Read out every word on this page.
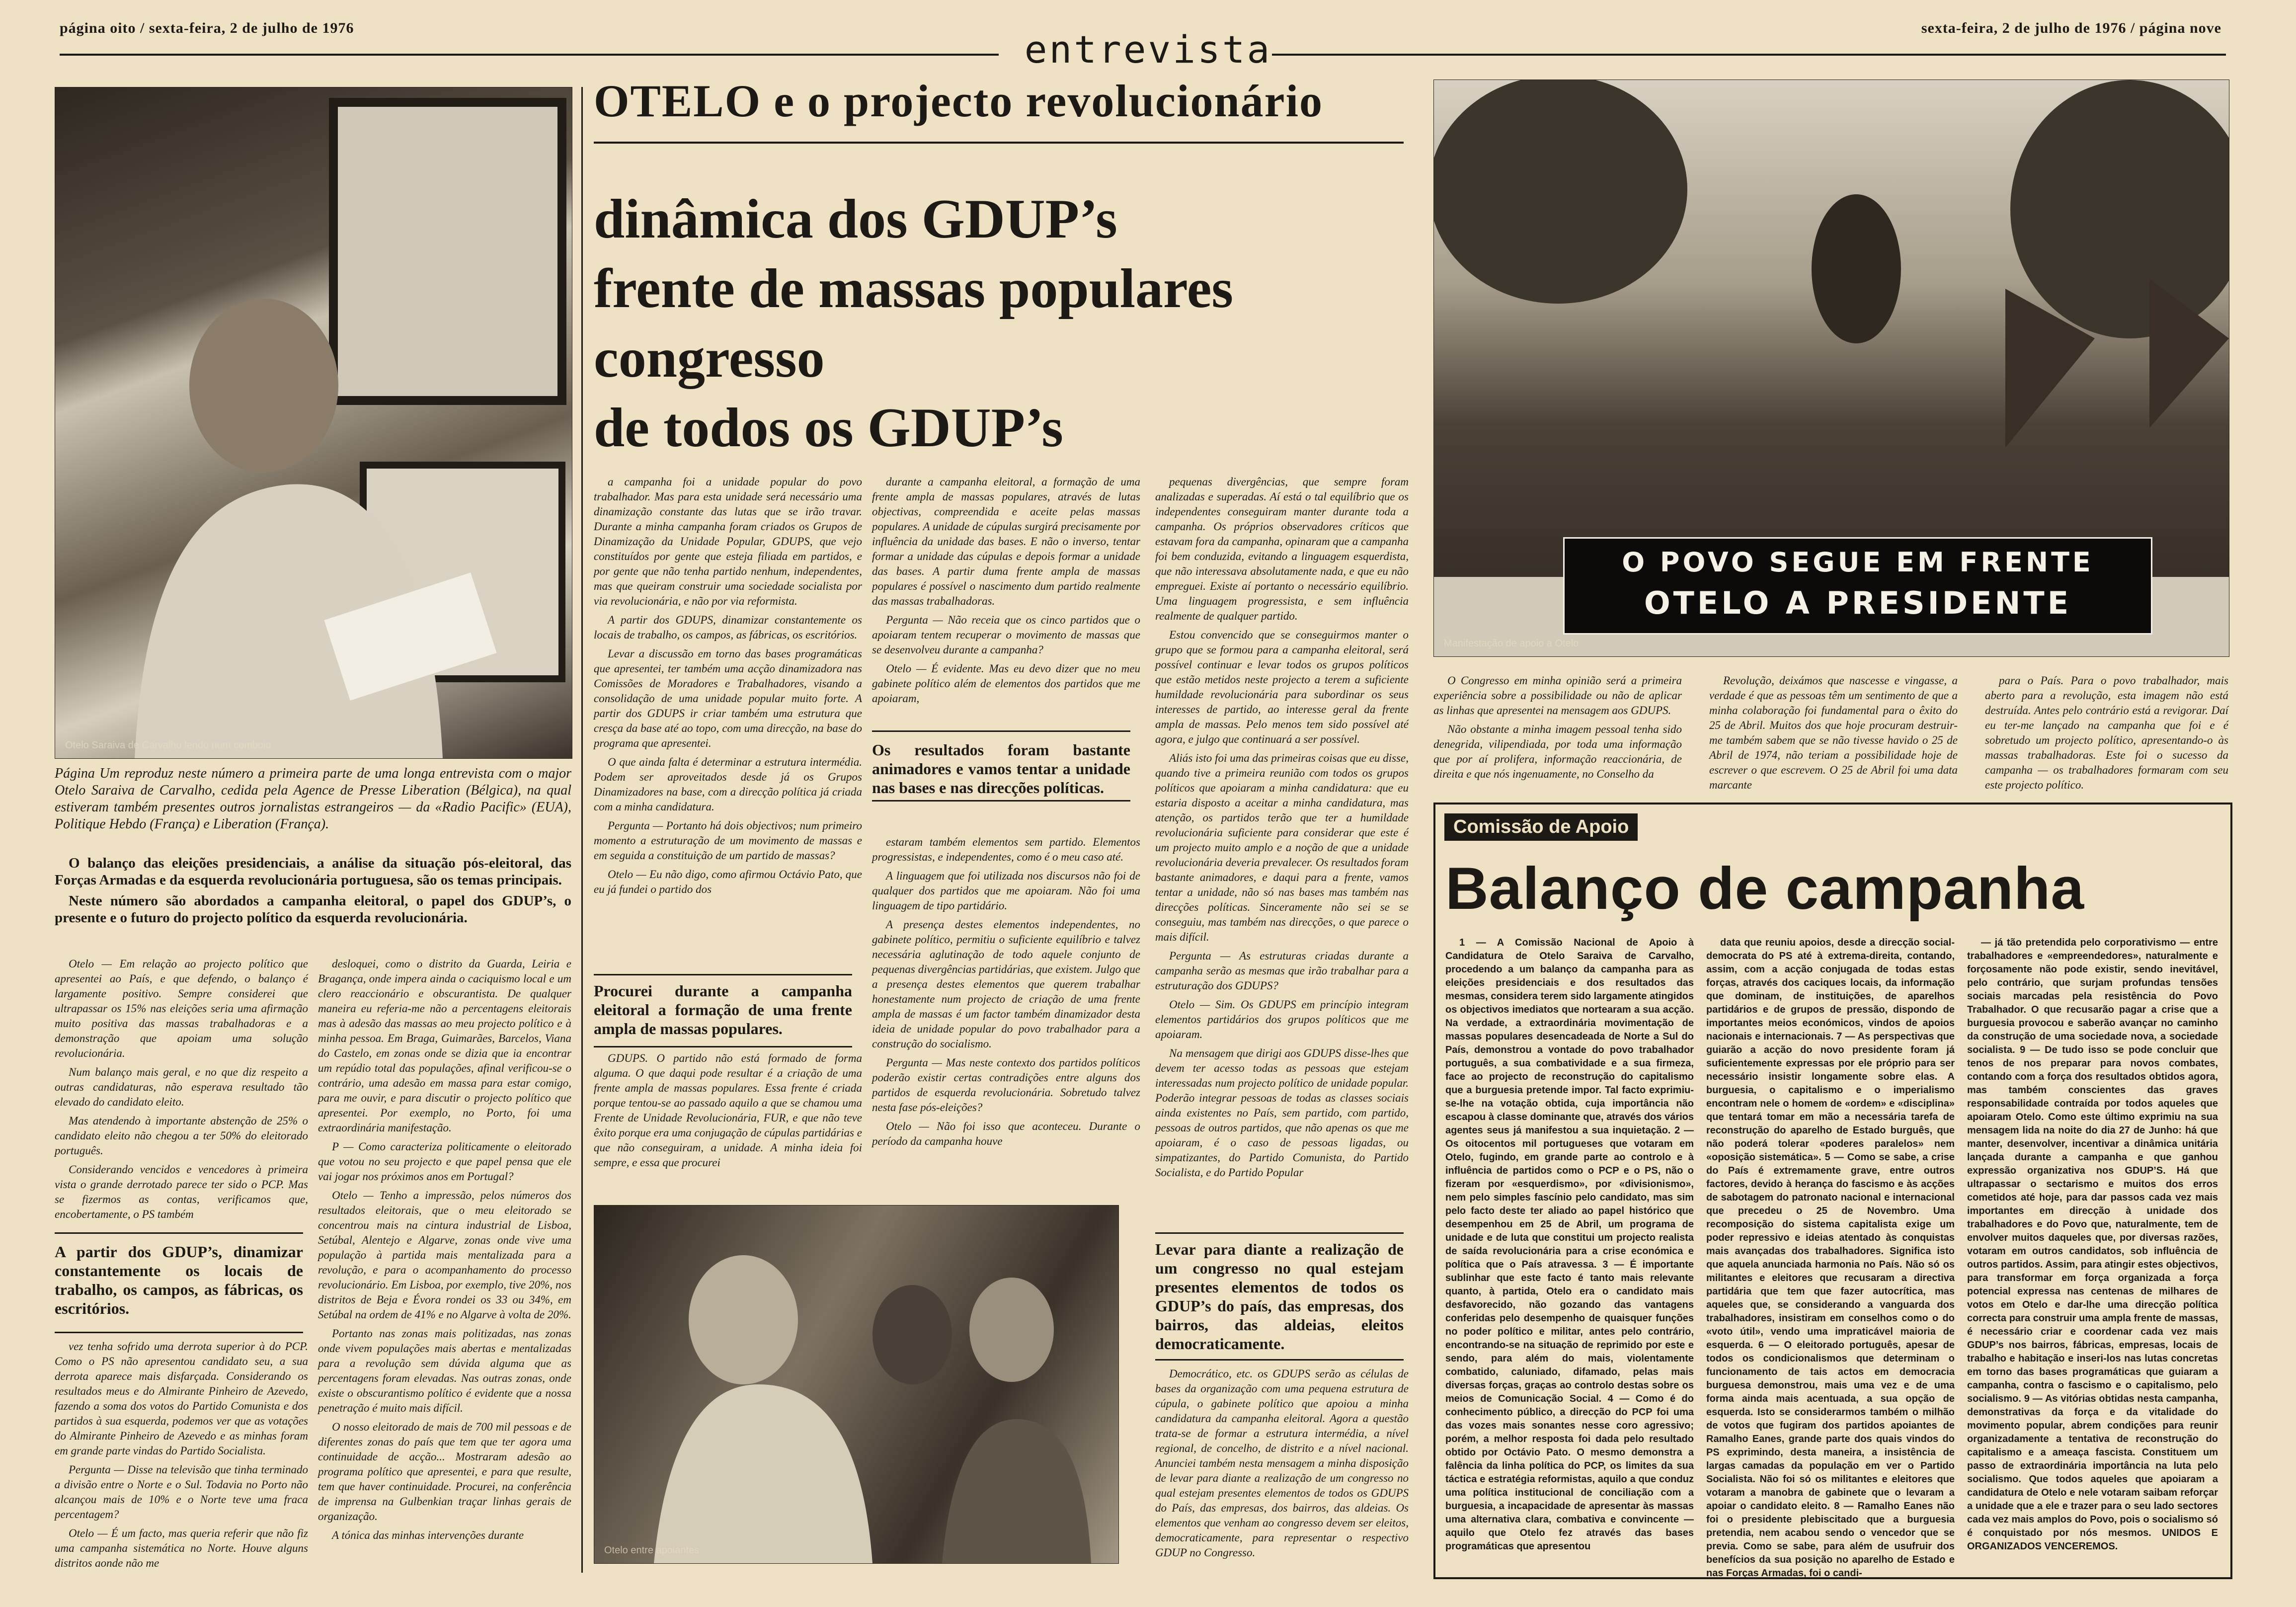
página oito / sexta-feira, 2 de julho de 1976	entrevista	sexta-feira, 2 de julho de 1976 / página nove
Otelo Saraiva de Carvalho lendo num comboio
OTELO e o projecto revolucionário
dinâmica dos GDUP’s
frente de massas populares
congresso
de todos os GDUP’s
Página Um reproduz neste número a primeira parte de uma longa entrevista com o major Otelo Saraiva de Carvalho, cedida pela Agence de Presse Liberation (Bélgica), na qual estiveram também presentes outros jornalistas estrangeiros — da «Radio Pacific» (EUA), Politique Hebdo (França) e Liberation (França).

O balanço das eleições presidenciais, a análise da situação pós-eleitoral, das Forças Armadas e da esquerda revolucionária portuguesa, são os temas principais.

Neste número são abordados a campanha eleitoral, o papel dos GDUP’s, o presente e o futuro do projecto político da esquerda revolucionária.

Otelo — Em relação ao projecto político que apresentei ao País, e que defendo, o balanço é largamente positivo. Sempre considerei que ultrapassar os 15% nas eleições seria uma afirmação muito positiva das massas trabalhadoras e a demonstração que apoiam uma solução revolucionária.

Num balanço mais geral, e no que diz respeito a outras candidaturas, não esperava resultado tão elevado do candidato eleito.

Mas atendendo à importante abstenção de 25% o candidato eleito não chegou a ter 50% do eleitorado português.

Considerando vencidos e vencedores à primeira vista o grande derrotado parece ter sido o PCP. Mas se fizermos as contas, verificamos que, encobertamente, o PS também

A partir dos GDUP’s, dinamizar constantemente os locais de trabalho, os campos, as fábricas, os escritórios.

vez tenha sofrido uma derrota superior à do PCP. Como o PS não apresentou candidato seu, a sua derrota aparece mais disfarçada. Considerando os resultados meus e do Almirante Pinheiro de Azevedo, fazendo a soma dos votos do Partido Comunista e dos partidos à sua esquerda, podemos ver que as votações do Almirante Pinheiro de Azevedo e as minhas foram em grande parte vindas do Partido Socialista.

Pergunta — Disse na televisão que tinha terminado a divisão entre o Norte e o Sul. Todavia no Porto não alcançou mais de 10% e o Norte teve uma fraca percentagem?

Otelo — É um facto, mas queria referir que não fiz uma campanha sistemática no Norte. Houve alguns distritos aonde não me

deslоquei, como o distrito da Guarda, Leiria e Bragança, onde impera ainda o caciquismo local e um clero reaccionário e obscurantista. De qualquer maneira eu referia-me não a percentagens eleitorais mas à adesão das massas ao meu projecto político e à minha pessoa. Em Braga, Guimarães, Barcelos, Viana do Castelo, em zonas onde se dizia que ia encontrar um repúdio total das populações, afinal verificou-se o contrário, uma adesão em massa para estar comigo, para me ouvir, e para discutir o projecto político que apresentei. Por exemplo, no Porto, foi uma extraordinária manifestação.

P — Como caracteriza politicamente o eleitorado que votou no seu projecto e que papel pensa que ele vai jogar nos próximos anos em Portugal?

Otelo — Tenho a impressão, pelos números dos resultados eleitorais, que o meu eleitorado se concentrou mais na cintura industrial de Lisboa, Setúbal, Alentejo e Algarve, zonas onde vive uma população à partida mais mentalizada para a revolução, e para o acompanhamento do processo revolucionário. Em Lisboa, por exemplo, tive 20%, nos distritos de Beja e Évora rondei os 33 ou 34%, em Setúbal na ordem de 41% e no Algarve à volta de 20%.

Portanto nas zonas mais politizadas, nas zonas onde vivem populações mais abertas e mentalizadas para a revolução sem dúvida alguma que as percentagens foram elevadas. Nas outras zonas, onde existe o obscurantismo político é evidente que a nossa penetração é muito mais difícil.

O nosso eleitorado de mais de 700 mil pessoas e de diferentes zonas do país que tem que ter agora uma continuidade de acção... Mostraram adesão ao programa político que apresentei, e para que resulte, tem que haver continuidade. Procurei, na conferência de imprensa na Gulbenkian traçar linhas gerais de organização.

A tónica das minhas intervenções durante

a campanha foi a unidade popular do povo trabalhador. Mas para esta unidade será necessário uma dinamização constante das lutas que se irão travar. Durante a minha campanha foram criados os Grupos de Dinamização da Unidade Popular, GDUPS, que vejo constituídos por gente que esteja filiada em partidos, e por gente que não tenha partido nenhum, independentes, mas que queiram construir uma sociedade socialista por via revolucionária, e não por via reformista.

A partir dos GDUPS, dinamizar constantemente os locais de trabalho, os campos, as fábricas, os escritórios.

Levar a discussão em torno das bases programáticas que apresentei, ter também uma acção dinamizadora nas Comissões de Moradores e Trabalhadores, visando a consolidação de uma unidade popular muito forte. A partir dos GDUPS ir criar também uma estrutura que cresça da base até ao topo, com uma direcção, na base do programa que apresentei.

O que ainda falta é determinar a estrutura intermédia. Podem ser aproveitados desde já os Grupos Dinamizadores na base, com a direcção política já criada com a minha candidatura.

Pergunta — Portanto há dois objectivos; num primeiro momento a estruturação de um movimento de massas e em seguida a constituição de um partido de massas?

Otelo — Eu não digo, como afirmou Octávio Pato, que eu já fundei o partido dos

Procurei durante a campanha eleitoral a formação de uma frente ampla de massas populares.

durante a campanha eleitoral, a formação de uma frente ampla de massas populares, através de lutas objectivas, compreendida e aceite pelas massas populares. A unidade de cúpulas surgirá precisamente por influência da unidade das bases. E não o inverso, tentar formar a unidade das cúpulas e depois formar a unidade das bases. A partir duma frente ampla de massas populares é possível o nascimento dum partido realmente das massas trabalhadoras.

Pergunta — Não receia que os cinco partidos que o apoiaram tentem recuperar o movimento de massas que se desenvolveu durante a campanha?

Otelo — É evidente. Mas eu devo dizer que no meu gabinete político além de elementos dos partidos que me apoiaram,

Os resultados foram bastante animadores e vamos tentar a unidade nas bases e nas direcções políticas.

GDUPS. O partido não está formado de forma alguma. O que daqui pode resultar é a criação de uma frente ampla de massas populares. Essa frente é criada porque tentou-se ao passado aquilo a que se chamou uma Frente de Unidade Revolucionária, FUR, e que não teve êxito porque era uma conjugação de cúpulas partidárias e que não conseguiram, a unidade. A minha ideia foi sempre, e essa que procurei

estaram também elementos sem partido. Elementos progressistas, e independentes, como é o meu caso até.

A linguagem que foi utilizada nos discursos não foi de qualquer dos partidos que me apoiaram. Não foi uma linguagem de tipo partidário.

A presença destes elementos independentes, no gabinete político, permitiu o suficiente equilíbrio e talvez necessária aglutinação de todo aquele conjunto de pequenas divergências partidárias, que existem. Julgo que a presença destes elementos que querem trabalhar honestamente num projecto de criação de uma frente ampla de massas é um factor também dinamizador desta ideia de unidade popular do povo trabalhador para a construção do socialismo.

Pergunta — Mas neste contexto dos partidos políticos poderão existir certas contradições entre alguns dos partidos de esquerda revolucionária. Sobretudo talvez nesta fase pós-eleições?

Otelo — Não foi isso que aconteceu. Durante o período da campanha houve

Otelo entre apoiantes

pequenas divergências, que sempre foram analizadas e superadas. Aí está o tal equilíbrio que os independentes conseguiram manter durante toda a campanha. Os próprios observadores críticos que estavam fora da campanha, opinaram que a campanha foi bem conduzida, evitando a linguagem esquerdista, que não interessava absolutamente nada, e que eu não empreguei. Existe aí portanto o necessário equilíbrio. Uma linguagem progressista, e sem influência realmente de qualquer partido.

Estou convencido que se conseguirmos manter o grupo que se formou para a campanha eleitoral, será possível continuar e levar todos os grupos políticos que estão metidos neste projecto a terem a suficiente humildade revolucionária para subordinar os seus interesses de partido, ao interesse geral da frente ampla de massas. Pelo menos tem sido possível até agora, e julgo que continuará a ser possível.

Aliás isto foi uma das primeiras coisas que eu disse, quando tive a primeira reunião com todos os grupos políticos que apoiaram a minha candidatura: que eu estaria disposto a aceitar a minha candidatura, mas atenção, os partidos terão que ter a humildade revolucionária suficiente para considerar que este é um projecto muito amplo e a noção de que a unidade revolucionária deveria prevalecer. Os resultados foram bastante animadores, e daqui para a frente, vamos tentar a unidade, não só nas bases mas também nas direcções políticas. Sinceramente não sei se se conseguiu, mas também nas direcções, o que parece o mais difícil.

Pergunta — As estruturas criadas durante a campanha serão as mesmas que irão trabalhar para a estruturação dos GDUPS?

Otelo — Sim. Os GDUPS em princípio integram elementos partidários dos grupos políticos que me apoiaram.

Na mensagem que dirigi aos GDUPS disse-lhes que devem ter acesso todas as pessoas que estejam interessadas num projecto político de unidade popular. Poderão integrar pessoas de todas as classes sociais ainda existentes no País, sem partido, com partido, pessoas de outros partidos, que não apenas os que me apoiaram, é o caso de pessoas ligadas, ou simpatizantes, do Partido Comunista, do Partido Socialista, e do Partido Popular

Levar para diante a realização de um congresso no qual estejam presentes elementos de todos os GDUP’s do país, das empresas, dos bairros, das aldeias, eleitos democraticamente.

Democrático, etc. os GDUPS serão as células de bases da organização com uma pequena estrutura de cúpula, o gabinete político que apoiou a minha candidatura da campanha eleitoral. Agora a questão trata-se de formar a estrutura intermédia, a nível regional, de concelho, de distrito e a nível nacional. Anunciei também nesta mensagem a minha disposição de levar para diante a realização de um congresso no qual estejam presentes elementos de todos os GDUPS do País, das empresas, dos bairros, das aldeias. Os elementos que venham ao congresso devem ser eleitos, democraticamente, para representar o respectivo GDUP no Congresso.

O POVO SEGUE EM FRENTE
OTELO A PRESIDENTE
Manifestação de apoio a Otelo

O Congresso em minha opinião será a primeira experiência sobre a possibilidade ou não de aplicar as linhas que apresentei na mensagem aos GDUPS.

Não obstante a minha imagem pessoal tenha sido denegrida, vilipendiada, por toda uma informação que por aí prolifera, informação reaccionária, de direita e que nós ingenuamente, no Conselho da

Revolução, deixámos que nascesse e vingasse, a verdade é que as pessoas têm um sentimento de que a minha colaboração foi fundamental para o êxito do 25 de Abril. Muitos dos que hoje procuram destruir-me também sabem que se não tivesse havido o 25 de Abril de 1974, não teriam a possibilidade hoje de escrever o que escrevem. O 25 de Abril foi uma data marcante

para o País. Para o povo trabalhador, mais aberto para a revolução, esta imagem não está destruída. Antes pelo contrário está a revigorar. Daí eu ter-me lançado na campanha que foi e é sobretudo um projecto político, apresentando-o às massas trabalhadoras. Este foi o sucesso da campanha — os trabalhadores formaram com seu este projecto político.

Comissão de Apoio
Balanço de campanha

1 — A Comissão Nacional de Apoio à Candidatura de Otelo Saraiva de Carvalho, procedendo a um balanço da campanha para as eleições presidenciais e dos resultados das mesmas, considera terem sido largamente atingidos os objectivos imediatos que nortearam a sua acção. Na verdade, a extraordinária movimentação de massas populares desencadeada de Norte a Sul do País, demonstrou a vontade do povo trabalhador português, a sua combatividade e a sua firmeza, face ao projecto de reconstrução do capitalismo que a burguesia pretende impor. Tal facto exprimiu-se-lhe na votação obtida, cuja importância não escapou à classe dominante que, através dos vários agentes seus já manifestou a sua inquietação. 2 — Os oitocentos mil portugueses que votaram em Otelo, fugindo, em grande parte ao controlo e à influência de partidos como o PCP e o PS, não o fizeram por «esquerdismo», por «divisionismo», nem pelo simples fascínio pelo candidato, mas sim pelo facto deste ter aliado ao papel histórico que desempenhou em 25 de Abril, um programa de unidade e de luta que constitui um projecto realista de saída revolucionária para a crise económica e política que o País atravessa. 3 — É importante sublinhar que este facto é tanto mais relevante quanto, à partida, Otelo era o candidato mais desfavorecido, não gozando das vantagens conferidas pelo desempenho de quaisquer funções no poder político e militar, antes pelo contrário, encontrando-se na situação de reprimido por este e sendo, para além do mais, violentamente combatido, caluniado, difamado, pelas mais diversas forças, graças ao controlo destas sobre os meios de Comunicação Social. 4 — Como é do conhecimento público, a direcção do PCP foi uma das vozes mais sonantes nesse coro agressivo; porém, a melhor resposta foi dada pelo resultado obtido por Octávio Pato. O mesmo demonstra a falência da linha política do PCP, os limites da sua táctica e estratégia reformistas, aquilo a que conduz uma política institucional de conciliação com a burguesia, a incapacidade de apresentar às massas uma alternativa clara, combativa e convincente — aquilo que Otelo fez através das bases programáticas que apresentou

data que reuniu apoios, desde a direcção social-democrata do PS até à extrema-direita, contando, assim, com a acção conjugada de todas estas forças, através dos caciques locais, da informação que dominam, de instituições, de aparelhos partidários e de grupos de pressão, dispondo de importantes meios económicos, vindos de apoios nacionais e internacionais. 7 — As perspectivas que guiarão a acção do novo presidente foram já suficientemente expressas por ele próprio para ser necessário insistir longamente sobre elas. A burguesia, o capitalismo e o imperialismo encontram nele o homem de «ordem» e «disciplina» que tentará tomar em mão a necessária tarefa de reconstrução do aparelho de Estado burguês, que não poderá tolerar «poderes paralelos» nem «oposição sistemática». 5 — Como se sabe, a crise do País é extremamente grave, entre outros factores, devido à herança do fascismo e às acções de sabotagem do patronato nacional e internacional que precedeu o 25 de Novembro. Uma recomposição do sistema capitalista exige um poder repressivo e ideias atentado às conquistas mais avançadas dos trabalhadores. Significa isto que aquela anunciada harmonia no País. Não só os militantes e eleitores que recusaram a directiva partidária que tem que fazer autocrítica, mas aqueles que, se considerando a vanguarda dos trabalhadores, insistiram em conselhos como o do «voto útil», vendo uma impraticável maioria de esquerda. 6 — O eleitorado português, apesar de todos os condicionalismos que determinam o funcionamento de tais actos em democracia burguesa demonstrou, mais uma vez e de uma forma ainda mais acentuada, a sua opção de esquerda. Isto se considerarmos também o milhão de votos que fugiram dos partidos apoiantes de Ramalho Eanes, grande parte dos quais vindos do PS exprimindo, desta maneira, a insistência de largas camadas da população em ver o Partido Socialista. Não foi só os militantes e eleitores que votaram a manobra de gabinete que o levaram a apoiar o candidato eleito. 8 — Ramalho Eanes não foi o presidente plebiscitado que a burguesia pretendia, nem acabou sendo o vencedor que se previa. Como se sabe, para além de usufruir dos benefícios da sua posição no aparelho de Estado e nas Forças Armadas, foi o candi-

— já tão pretendida pelo corporativismo — entre trabalhadores e «empreendedores», naturalmente e forçosamente não pode existir, sendo inevitável, pelo contrário, que surjam profundas tensões sociais marcadas pela resistência do Povo Trabalhador. O que recusarão pagar a crise que a burguesia provocou e saberão avançar no caminho da construção de uma sociedade nova, a sociedade socialista. 9 — De tudo isso se pode concluir que tenos de nos preparar para novos combates, contando com a força dos resultados obtidos agora, mas também conscientes das graves responsabilidade contraída por todos aqueles que apoiaram Otelo. Como este último exprimiu na sua mensagem lida na noite do dia 27 de Junho: há que manter, desenvolver, incentivar a dinâmica unitária lançada durante a campanha e que ganhou expressão organizativa nos GDUP’S. Há que ultrapassar o sectarismo e muitos dos erros cometidos até hoje, para dar passos cada vez mais importantes em direcção à unidade dos trabalhadores e do Povo que, naturalmente, tem de envolver muitos daqueles que, por diversas razões, votaram em outros candidatos, sob influência de outros partidos. Assim, para atingir estes objectivos, para transformar em força organizada a força potencial expressa nas centenas de milhares de votos em Otelo e dar-lhe uma direcção política correcta para construir uma ampla frente de massas, é necessário criar e coordenar cada vez mais GDUP’s nos bairros, fábricas, empresas, locais de trabalho e habitação e inseri-los nas lutas concretas em torno das bases programáticas que guiaram a campanha, contra o fascismo e o capitalismo, pelo socialismo. 9 — As vitórias obtidas nesta campanha, demonstrativas da força e da vitalidade do movimento popular, abrem condições para reunir organizadamente a tentativa de reconstrução do capitalismo e a ameaça fascista. Constituem um passo de extraordinária importância na luta pelo socialismo. Que todos aqueles que apoiaram a candidatura de Otelo e nele votaram saibam reforçar a unidade que a ele e trazer para o seu lado sectores cada vez mais amplos do Povo, pois o socialismo só é conquistado por nós mesmos. UNIDOS E ORGANIZADOS VENCEREMOS.
